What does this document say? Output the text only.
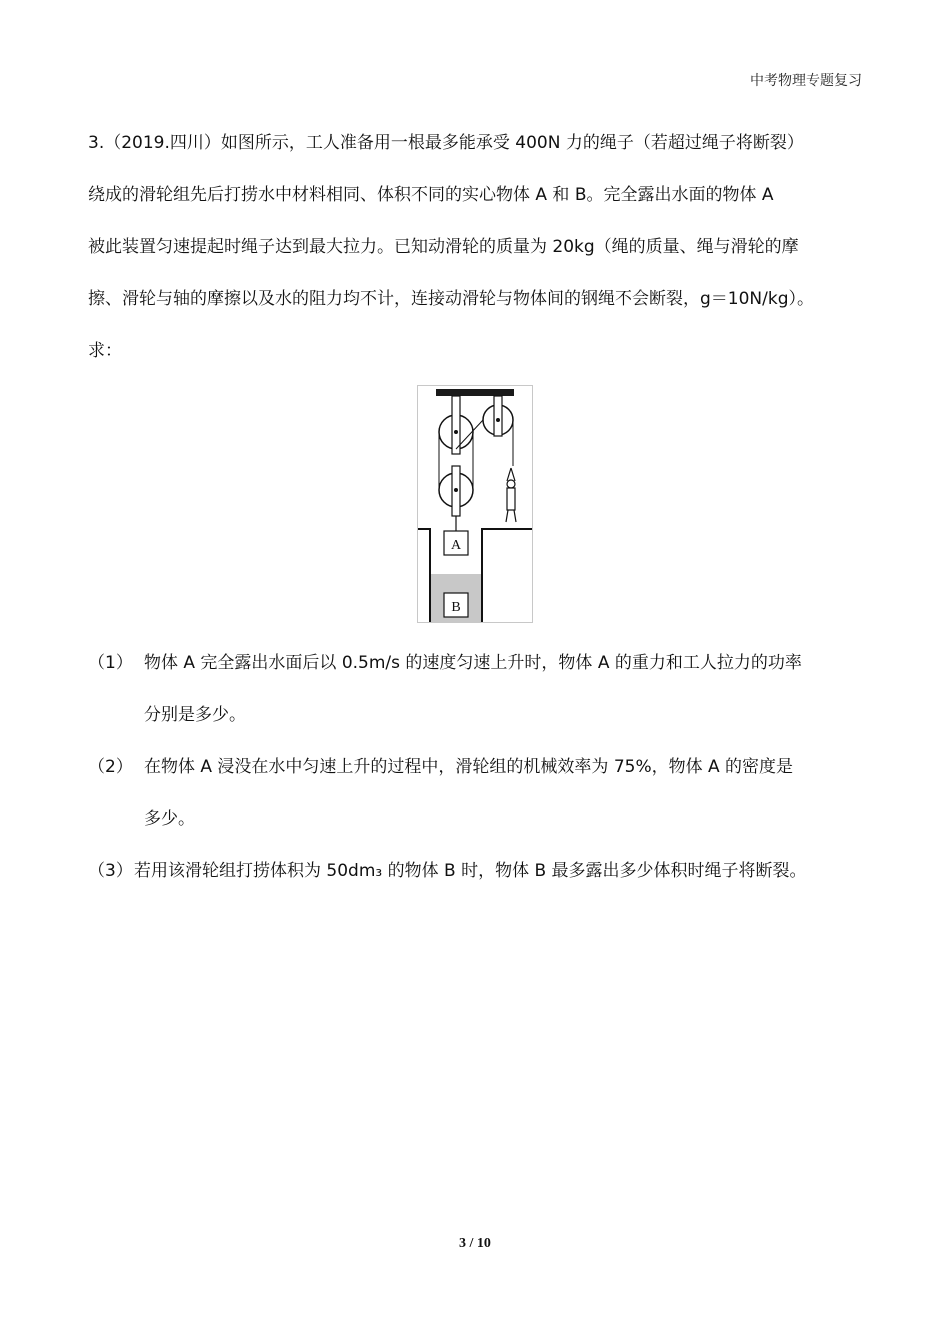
中考物理专题复习
3.（2019.四川）如图所示，工人准备用一根最多能承受 400N 力的绳子（若超过绳子将断裂）
绕成的滑轮组先后打捞水中材料相同、体积不同的实心物体 A 和 B。完全露出水面的物体 A
被此装置匀速提起时绳子达到最大拉力。已知动滑轮的质量为 20kg（绳的质量、绳与滑轮的摩
擦、滑轮与轴的摩擦以及水的阻力均不计，连接动滑轮与物体间的钢绳不会断裂，g＝10N/kg）。
求：
A
B
（1） 物体 A 完全露出水面后以 0.5m/s 的速度匀速上升时，物体 A 的重力和工人拉力的功率
分别是多少。
（2） 在物体 A 浸没在水中匀速上升的过程中，滑轮组的机械效率为 75%，物体 A 的密度是
多少。
（3） 若用该滑轮组打捞体积为 50dm₃ 的物体 B 时，物体 B 最多露出多少体积时绳子将断裂。
3 / 10
